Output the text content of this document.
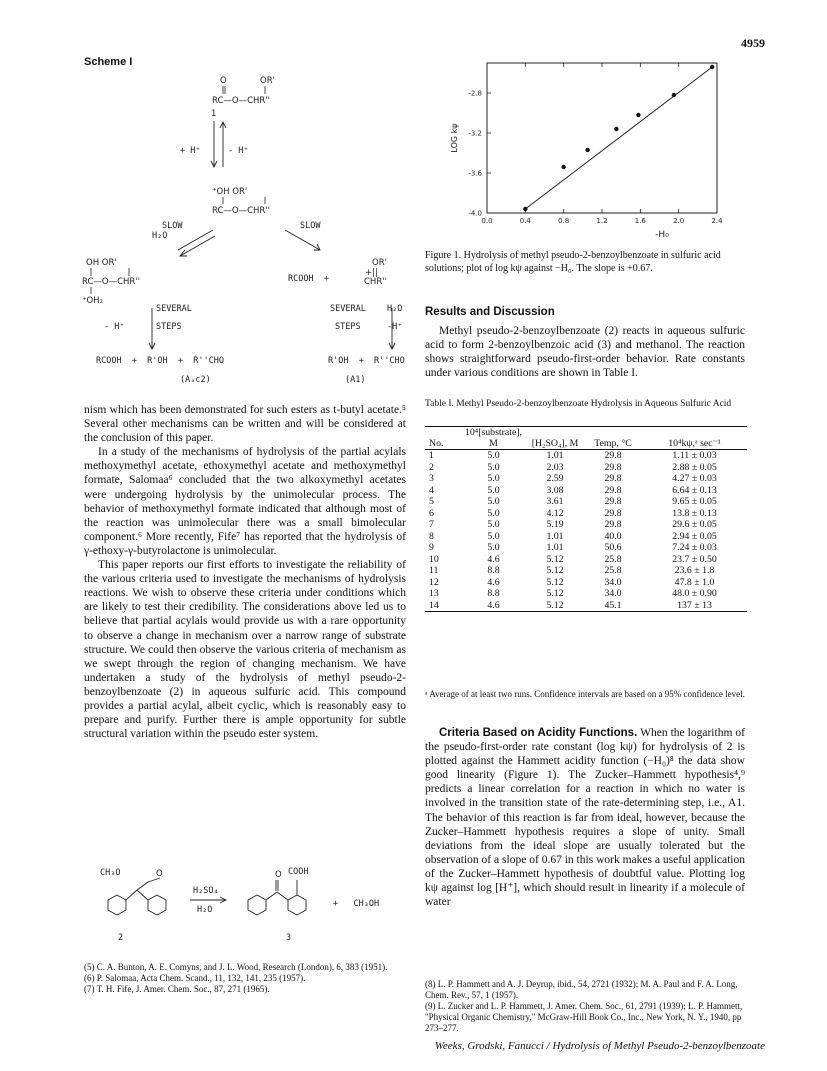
4959
Scheme I
O	OR'
RC—O—CHR''
⁺OH OR'
RC—O—CHR''
OH OR'
RC—O—CHR''
⁺OH₂
OR'
+||
CHR''
1
+ H⁺	- H⁺
SLOW
H₂O
SLOW
RCOOH  +
SEVERAL
STEPS
- H⁺
SEVERAL
STEPS
H₂O
-H⁺
RCOOH  +  R'OH  +  R''CHO	R'OH  +  R''CHO
(Aₐc2)	(A1)

nism which has been demonstrated for such esters as t-butyl acetate.⁵ Several other mechanisms can be written and will be considered at the conclusion of this paper.

In a study of the mechanisms of hydrolysis of the partial acylals methoxymethyl acetate, ethoxymethyl acetate and methoxymethyl formate, Salomaa⁶ concluded that the two alkoxymethyl acetates were undergoing hydrolysis by the unimolecular process. The behavior of methoxymethyl formate indicated that although most of the reaction was unimolecular there was a small bimolecular component.⁶ More recently, Fife⁷ has reported that the hydrolysis of γ-ethoxy-γ-butyrolactone is unimolecular.

This paper reports our first efforts to investigate the reliability of the various criteria used to investigate the mechanisms of hydrolysis reactions. We wish to observe these criteria under conditions which are likely to test their credibility. The considerations above led us to believe that partial acylals would provide us with a rare opportunity to observe a change in mechanism over a narrow range of substrate structure. We could then observe the various criteria of mechanism as we swept through the region of changing mechanism. We have undertaken a study of the hydrolysis of methyl pseudo-2-benzoylbenzoate (2) in aqueous sulfuric acid. This compound provides a partial acylal, albeit cyclic, which is reasonably easy to prepare and purify. Further there is ample opportunity for subtle structural variation within the pseudo ester system.

O
O
CH₃O	COOH
H₂SO₄
H₂O
+   CH₃OH
2	3
(5) C. A. Bunton, A. E. Comyns, and J. L. Wood, Research (London), 6, 383 (1951).
(6) P. Salomaa, Acta Chem. Scand., 11, 132, 141, 235 (1957).
(7) T. H. Fife, J. Amer. Chem. Soc., 87, 271 (1965).
0.0	0.4	0.8	1.2	1.6	2.0	2.4
-2.8
-3.2
-3.6
-4.0
-H₀
LOG kψ
Figure 1. Hydrolysis of methyl pseudo-2-benzoylbenzoate in sulfuric acid solutions; plot of log kψ against −H₀. The slope is +0.67.
Results and Discussion

Methyl pseudo-2-benzoylbenzoate (2) reacts in aqueous sulfuric acid to form 2-benzoylbenzoic acid (3) and methanol. The reaction shows straightforward pseudo-first-order behavior. Rate constants under various conditions are shown in Table I.

Table I. Methyl Pseudo-2-benzoylbenzoate Hydrolysis in Aqueous Sulfuric Acid
No.	10⁴[substrate], M	[H₂SO₄], M	Temp, °C	10⁴kψ,ᵃ sec⁻¹
1	5.0	1.01	29.8	1.11 ± 0.03
2	5.0	2.03	29.8	2.88 ± 0.05
3	5.0	2.59	29.8	4.27 ± 0.03
4	5.0	3.08	29.8	6.64 ± 0.13
5	5.0	3.61	29.8	9.65 ± 0.05
6	5.0	4.12	29.8	13.8 ± 0.13
7	5.0	5.19	29.8	29.6 ± 0.05
8	5.0	1.01	40.0	2.94 ± 0.05
9	5.0	1.01	50.6	7.24 ± 0.03
10	4.6	5.12	25.8	23.7 ± 0.50
11	8.8	5.12	25.8	23.6 ± 1.8
12	4.6	5.12	34.0	47.8 ± 1.0
13	8.8	5.12	34.0	48.0 ± 0.90
14	4.6	5.12	45.1	137 ± 13
ᵃ Average of at least two runs. Confidence intervals are based on a 95% confidence level.

Criteria Based on Acidity Functions. When the logarithm of the pseudo-first-order rate constant (log kψ) for hydrolysis of 2 is plotted against the Hammett acidity function (−H₀)⁸ the data show good linearity (Figure 1). The Zucker–Hammett hypothesis⁴,⁹ predicts a linear correlation for a reaction in which no water is involved in the transition state of the rate-determining step, i.e., A1. The behavior of this reaction is far from ideal, however, because the Zucker–Hammett hypothesis requires a slope of unity. Small deviations from the ideal slope are usually tolerated but the observation of a slope of 0.67 in this work makes a useful application of the Zucker–Hammett hypothesis of doubtful value. Plotting log kψ against log [H⁺], which should result in linearity if a molecule of water

(8) L. P. Hammett and A. J. Deyrup, ibid., 54, 2721 (1932); M. A. Paul and F. A. Long, Chem. Rev., 57, 1 (1957).
(9) L. Zucker and L. P. Hammett, J. Amer. Chem. Soc., 61, 2791 (1939); L. P. Hammett, "Physical Organic Chemistry," McGraw-Hill Book Co., Inc., New York, N. Y., 1940, pp 273–277.
Weeks, Grodski, Fanucci / Hydrolysis of Methyl Pseudo-2-benzoylbenzoate
